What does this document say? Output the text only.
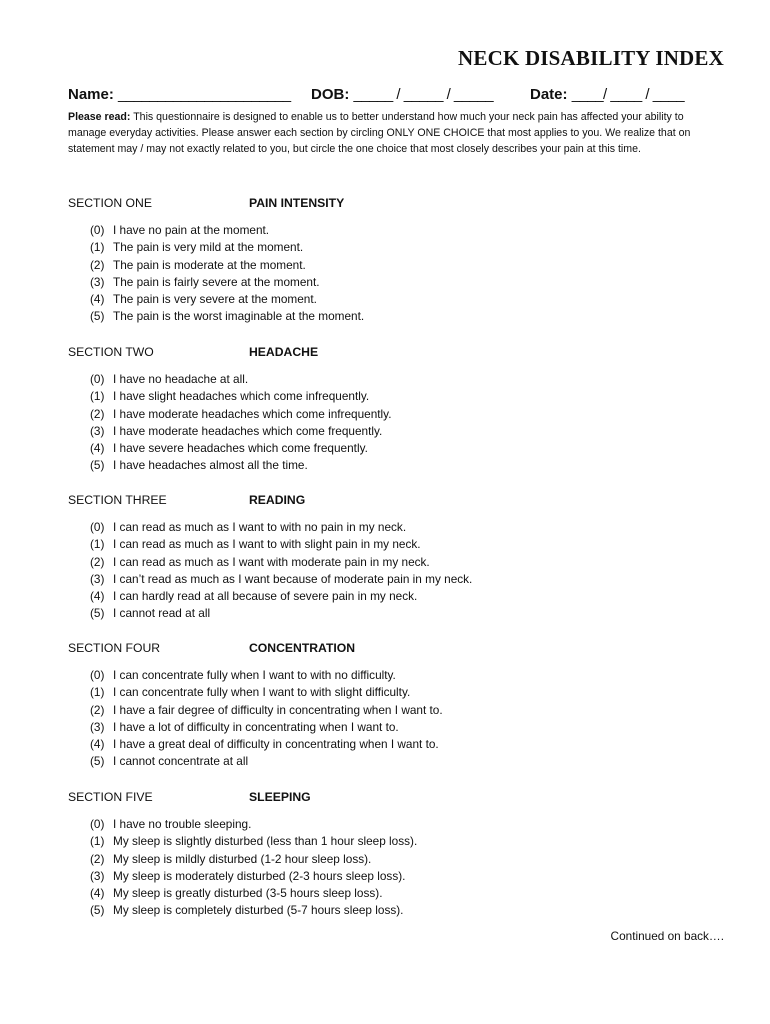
NECK DISABILITY INDEX
Name: ______________________ DOB: _____ / _____ / _____ Date: ____/ ____ / ____
Please read: This questionnaire is designed to enable us to better understand how much your neck pain has affected your ability to manage everyday activities. Please answer each section by circling ONLY ONE CHOICE that most applies to you. We realize that on statement may / may not exactly related to you, but circle the one choice that most closely describes your pain at this time.
SECTION ONE	PAIN INTENSITY
(0) I have no pain at the moment.
(1) The pain is very mild at the moment.
(2) The pain is moderate at the moment.
(3) The pain is fairly severe at the moment.
(4) The pain is very severe at the moment.
(5) The pain is the worst imaginable at the moment.
SECTION TWO	HEADACHE
(0) I have no headache at all.
(1) I have slight headaches which come infrequently.
(2) I have moderate headaches which come infrequently.
(3) I have moderate headaches which come frequently.
(4) I have severe headaches which come frequently.
(5) I have headaches almost all the time.
SECTION THREE	READING
(0) I can read as much as I want to with no pain in my neck.
(1) I can read as much as I want to with slight pain in my neck.
(2) I can read as much as I want with moderate pain in my neck.
(3) I can’t read as much as I want because of moderate pain in my neck.
(4) I can hardly read at all because of severe pain in my neck.
(5) I cannot read at all
SECTION FOUR	CONCENTRATION
(0) I can concentrate fully when I want to with no difficulty.
(1) I can concentrate fully when I want to with slight difficulty.
(2) I have a fair degree of difficulty in concentrating when I want to.
(3) I have a lot of difficulty in concentrating when I want to.
(4) I have a great deal of difficulty in concentrating when I want to.
(5) I cannot concentrate at all
SECTION FIVE	SLEEPING
(0) I have no trouble sleeping.
(1) My sleep is slightly disturbed (less than 1 hour sleep loss).
(2) My sleep is mildly disturbed (1-2 hour sleep loss).
(3) My sleep is moderately disturbed (2-3 hours sleep loss).
(4) My sleep is greatly disturbed (3-5 hours sleep loss).
(5) My sleep is completely disturbed (5-7 hours sleep loss).
Continued on back….
